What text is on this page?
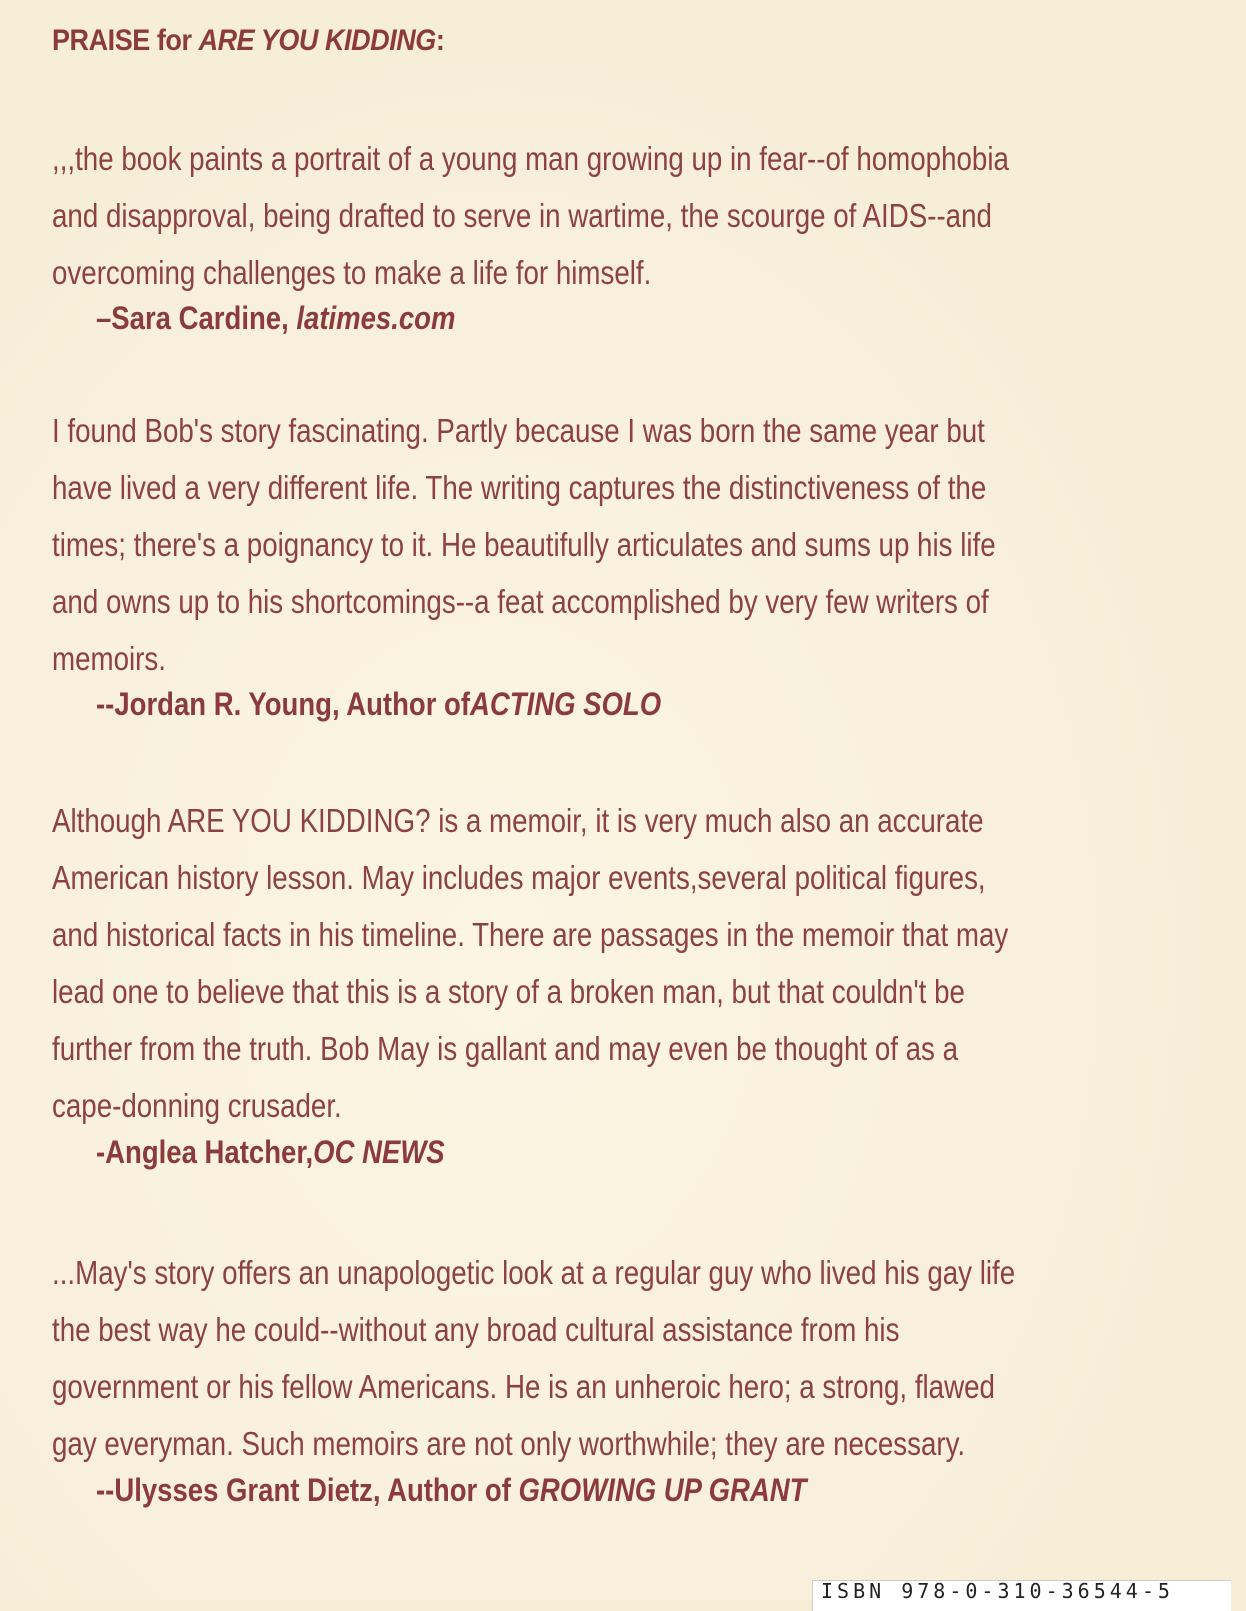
PRAISE for ARE YOU KIDDING:
,,,the book paints a portrait of a young man growing up in fear--of homophobia
and disapproval, being drafted to serve in wartime, the scourge of AIDS--and
overcoming challenges to make a life for himself.
–Sara Cardine, latimes.com
I found Bob's story fascinating. Partly because I was born the same year but
have lived a very different life. The writing captures the distinctiveness of the
times; there's a poignancy to it. He beautifully articulates and sums up his life
and owns up to his shortcomings--a feat accomplished by very few writers of
memoirs.
--Jordan R. Young, Author ofACTING SOLO
Although ARE YOU KIDDING? is a memoir, it is very much also an accurate
American history lesson. May includes major events,several political figures,
and historical facts in his timeline. There are passages in the memoir that may
lead one to believe that this is a story of a broken man, but that couldn't be
further from the truth. Bob May is gallant and may even be thought of as a
cape-donning crusader.
-Anglea Hatcher,OC NEWS
...May's story offers an unapologetic look at a regular guy who lived his gay life
the best way he could--without any broad cultural assistance from his
government or his fellow Americans. He is an unheroic hero; a strong, flawed
gay everyman. Such memoirs are not only worthwhile; they are necessary.
--Ulysses Grant Dietz, Author of GROWING UP GRANT
ISBN 978-0-310-36544-5
